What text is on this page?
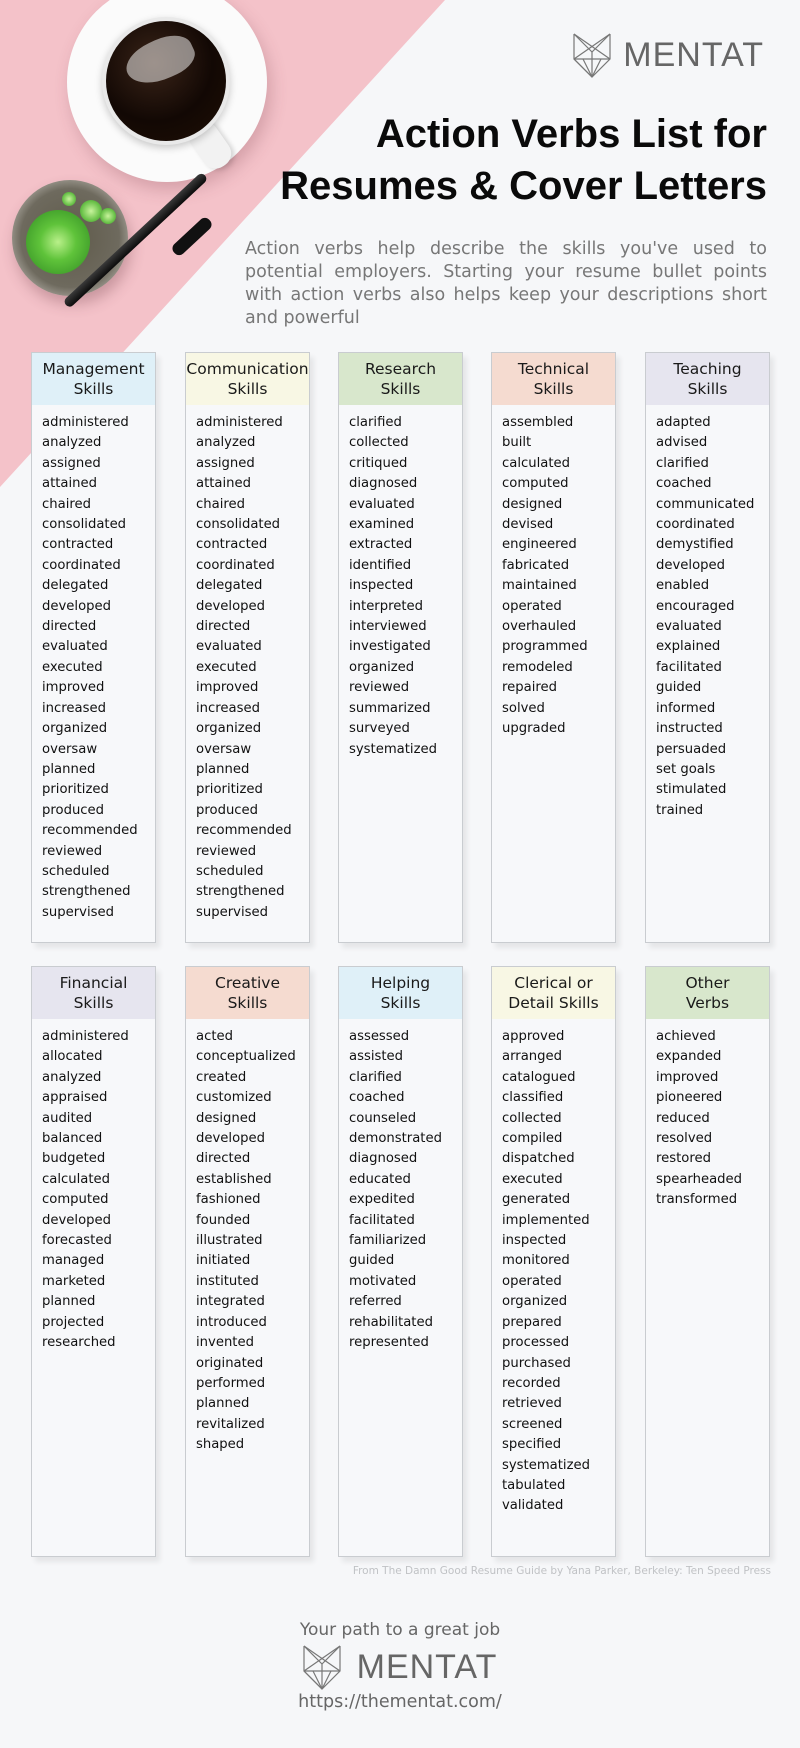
MENTAT
Action Verbs List for
Resumes & Cover Letters

Action verbs help describe the skills you've used to potential employers. Starting your resume bullet points with action verbs also helps keep your descriptions short and powerful

Management
Skills
administered
analyzed
assigned
attained
chaired
consolidated
contracted
coordinated
delegated
developed
directed
evaluated
executed
improved
increased
organized
oversaw
planned
prioritized
produced
recommended
reviewed
scheduled
strengthened
supervised
Communication
Skills
administered
analyzed
assigned
attained
chaired
consolidated
contracted
coordinated
delegated
developed
directed
evaluated
executed
improved
increased
organized
oversaw
planned
prioritized
produced
recommended
reviewed
scheduled
strengthened
supervised
Research
Skills
clarified
collected
critiqued
diagnosed
evaluated
examined
extracted
identified
inspected
interpreted
interviewed
investigated
organized
reviewed
summarized
surveyed
systematized
Technical
Skills
assembled
built
calculated
computed
designed
devised
engineered
fabricated
maintained
operated
overhauled
programmed
remodeled
repaired
solved
upgraded
Teaching
Skills
adapted
advised
clarified
coached
communicated
coordinated
demystified
developed
enabled
encouraged
evaluated
explained
facilitated
guided
informed
instructed
persuaded
set goals
stimulated
trained
Financial
Skills
administered
allocated
analyzed
appraised
audited
balanced
budgeted
calculated
computed
developed
forecasted
managed
marketed
planned
projected
researched
Creative
Skills
acted
conceptualized
created
customized
designed
developed
directed
established
fashioned
founded
illustrated
initiated
instituted
integrated
introduced
invented
originated
performed
planned
revitalized
shaped
Helping
Skills
assessed
assisted
clarified
coached
counseled
demonstrated
diagnosed
educated
expedited
facilitated
familiarized
guided
motivated
referred
rehabilitated
represented
Clerical or
Detail Skills
approved
arranged
catalogued
classified
collected
compiled
dispatched
executed
generated
implemented
inspected
monitored
operated
organized
prepared
processed
purchased
recorded
retrieved
screened
specified
systematized
tabulated
validated
Other
Verbs
achieved
expanded
improved
pioneered
reduced
resolved
restored
spearheaded
transformed
From The Damn Good Resume Guide by Yana Parker, Berkeley: Ten Speed Press
Your path to a great job
MENTAT
https://thementat.com/
